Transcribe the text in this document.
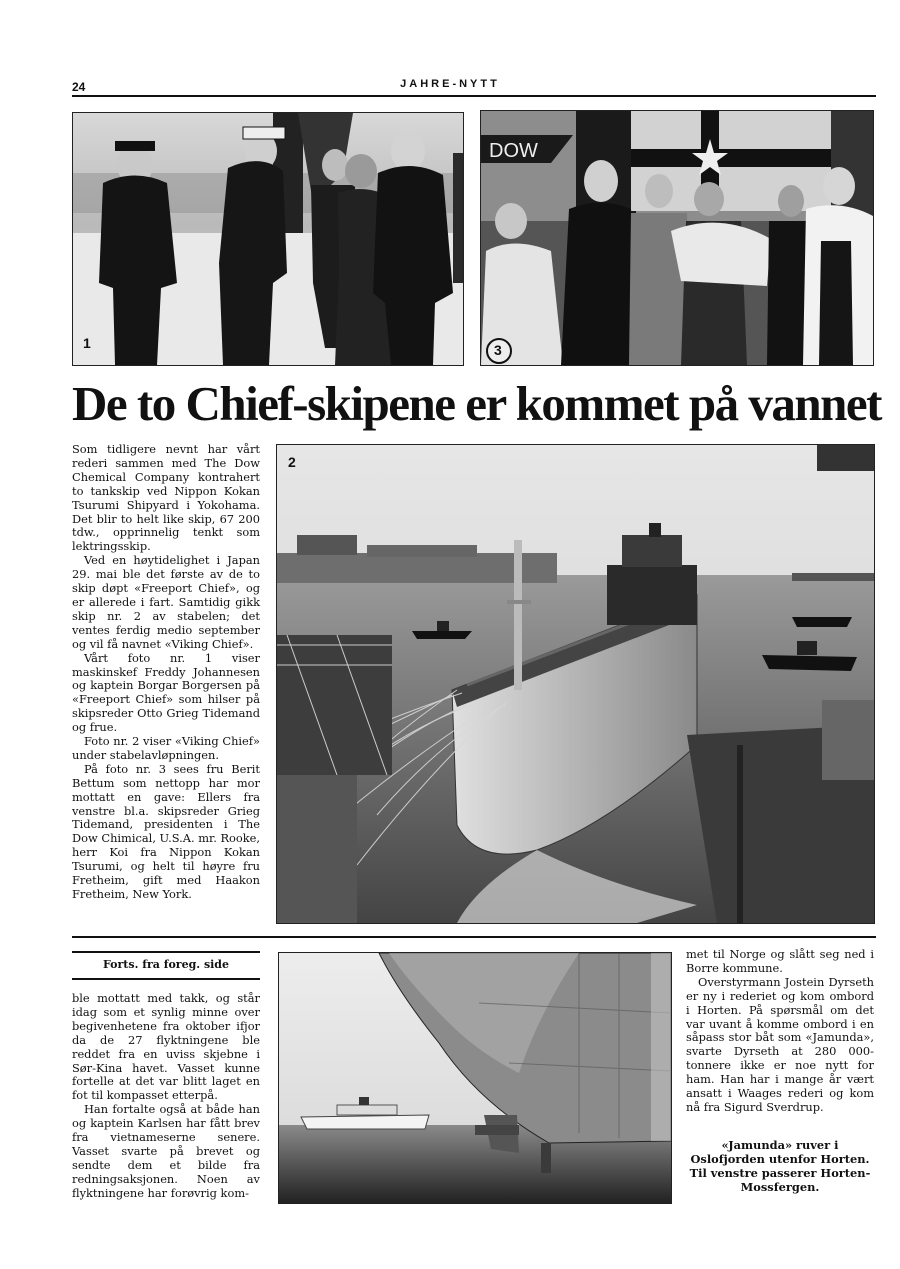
24	JAHRE-NYTT
1
DOW
3
De to Chief-skipene er kommet på vannet

Som tidligere nevnt har vårt rederi sammen med The Dow Chemical Company kontrahert to tankskip ved Nippon Kokan Tsurumi Shipyard i Yokohama. Det blir to helt like skip, 67 200 tdw., opprinnelig tenkt som lektringsskip.

Ved en høytidelighet i Japan 29. mai ble det første av de to skip døpt «Freeport Chief», og er allerede i fart. Samtidig gikk skip nr. 2 av stabelen; det ventes ferdig medio september og vil få navnet «Viking Chief».

Vårt foto nr. 1 viser maskinskef Freddy Johannesen og kaptein Borgar Borgersen på «Freeport Chief» som hilser på skipsreder Otto Grieg Tidemand og frue.

Foto nr. 2 viser «Viking Chief» under stabelavløpningen.

På foto nr. 3 sees fru Berit Bettum som nettopp har mor mottatt en gave: Ellers fra venstre bl.a. skipsreder Grieg Tidemand, presidenten i The Dow Chimical, U.S.A. mr. Rooke, herr Koi fra Nippon Kokan Tsurumi, og helt til høyre fru Fretheim, gift med Haakon Fretheim, New York.

2
Forts. fra foreg. side

ble mottatt med takk, og står idag som et synlig minne over begivenhetene fra oktober ifjor da de 27 flyktningene ble reddet fra en uviss skjebne i Sør-Kina havet. Vasset kunne fortelle at det var blitt laget en fot til kompasset etterpå.

Han fortalte også at både han og kaptein Karlsen har fått brev fra vietnameserne senere. Vasset svarte på brevet og sendte dem et bilde fra redningsaksjonen. Noen av flyktningene har forøvrig kom-

met til Norge og slått seg ned i Borre kommune.

Overstyrmann Jostein Dyrseth er ny i rederiet og kom ombord i Horten. På spørsmål om det var uvant å komme ombord i en såpass stor båt som «Jamunda», svarte Dyrseth at 280 000-tonnere ikke er noe nytt for ham. Han har i mange år vært ansatt i Waages rederi og kom nå fra Sigurd Sverdrup.

«Jamunda» ruver i Oslofjorden utenfor Horten. Til venstre passerer Horten-Mossfergen.
